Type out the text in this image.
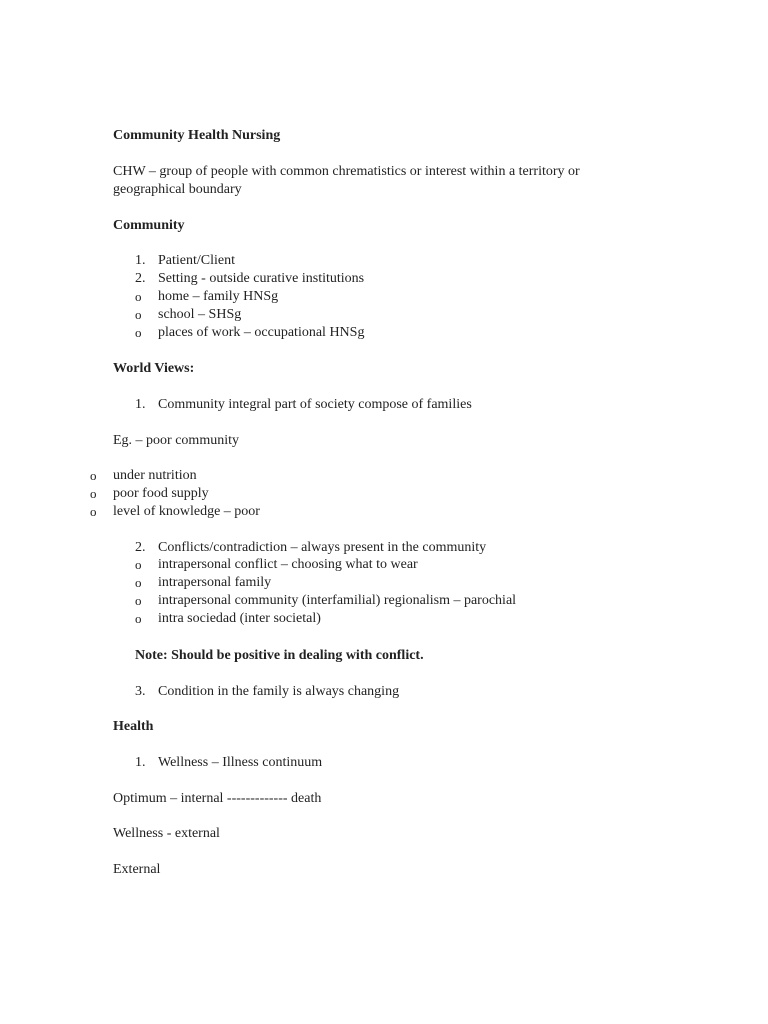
Community Health Nursing
CHW – group of people with common chrematistics or interest within a territory or
geographical boundary
Community
1. Patient/Client
2. Setting - outside curative institutions
o home – family HNSg
o school – SHSg
o places of work – occupational HNSg
World Views:
1. Community integral part of society compose of families
Eg. – poor community
o under nutrition
o poor food supply
o level of knowledge – poor
2. Conflicts/contradiction – always present in the community
o intrapersonal conflict – choosing what to wear
o intrapersonal family
o intrapersonal community (interfamilial) regionalism – parochial
o intra sociedad (inter societal)
Note: Should be positive in dealing with conflict.
3. Condition in the family is always changing
Health
1. Wellness – Illness continuum
Optimum – internal ------------- death
Wellness - external
External
